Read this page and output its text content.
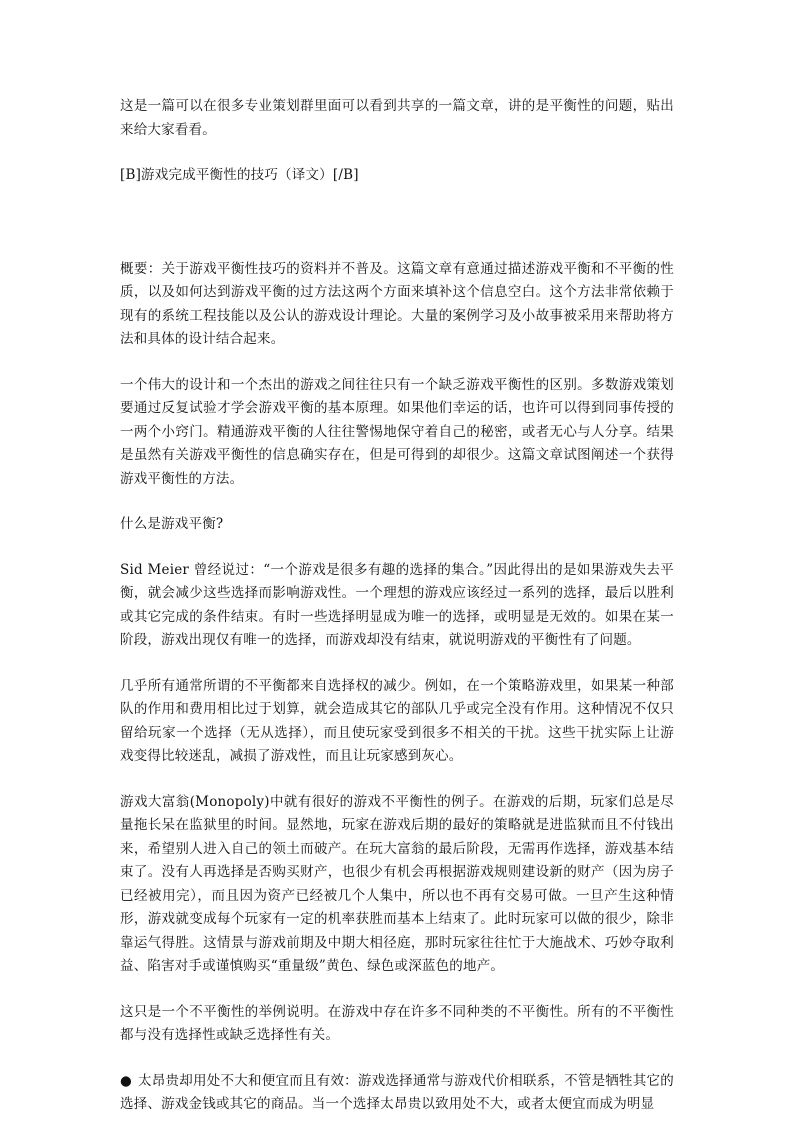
这是一篇可以在很多专业策划群里面可以看到共享的一篇文章，讲的是平衡性的问题，贴出来给大家看看。

[B]游戏完成平衡性的技巧（译文）[/B]

概要：关于游戏平衡性技巧的资料并不普及。这篇文章有意通过描述游戏平衡和不平衡的性质，以及如何达到游戏平衡的过方法这两个方面来填补这个信息空白。这个方法非常依赖于现有的系统工程技能以及公认的游戏设计理论。大量的案例学习及小故事被采用来帮助将方法和具体的设计结合起来。

一个伟大的设计和一个杰出的游戏之间往往只有一个缺乏游戏平衡性的区别。多数游戏策划要通过反复试验才学会游戏平衡的基本原理。如果他们幸运的话，也许可以得到同事传授的一两个小窍门。精通游戏平衡的人往往警惕地保守着自己的秘密，或者无心与人分享。结果是虽然有关游戏平衡性的信息确实存在，但是可得到的却很少。这篇文章试图阐述一个获得游戏平衡性的方法。

什么是游戏平衡?

Sid Meier 曾经说过：“一个游戏是很多有趣的选择的集合。”因此得出的是如果游戏失去平衡，就会减少这些选择而影响游戏性。一个理想的游戏应该经过一系列的选择，最后以胜利或其它完成的条件结束。有时一些选择明显成为唯一的选择，或明显是无效的。如果在某一阶段，游戏出现仅有唯一的选择，而游戏却没有结束，就说明游戏的平衡性有了问题。

几乎所有通常所谓的不平衡都来自选择权的减少。例如，在一个策略游戏里，如果某一种部队的作用和费用相比过于划算，就会造成其它的部队几乎或完全没有作用。这种情况不仅只留给玩家一个选择（无从选择），而且使玩家受到很多不相关的干扰。这些干扰实际上让游戏变得比较迷乱，减损了游戏性，而且让玩家感到灰心。

游戏大富翁(Monopoly)中就有很好的游戏不平衡性的例子。在游戏的后期，玩家们总是尽量拖长呆在监狱里的时间。显然地，玩家在游戏后期的最好的策略就是进监狱而且不付钱出来，希望别人进入自己的领土而破产。在玩大富翁的最后阶段，无需再作选择，游戏基本结束了。没有人再选择是否购买财产，也很少有机会再根据游戏规则建设新的财产（因为房子已经被用完），而且因为资产已经被几个人集中，所以也不再有交易可做。一旦产生这种情形，游戏就变成每个玩家有一定的机率获胜而基本上结束了。此时玩家可以做的很少，除非靠运气得胜。这情景与游戏前期及中期大相径庭，那时玩家往往忙于大施战术、巧妙夺取利益、陷害对手或谨慎购买“重量级”黄色、绿色或深蓝色的地产。

这只是一个不平衡性的举例说明。在游戏中存在许多不同种类的不平衡性。所有的不平衡性都与没有选择性或缺乏选择性有关。

● 太昂贵却用处不大和便宜而且有效：游戏选择通常与游戏代价相联系，不管是牺牲其它的选择、游戏金钱或其它的商品。当一个选择太昂贵以致用处不大，或者太便宜而成为明显
